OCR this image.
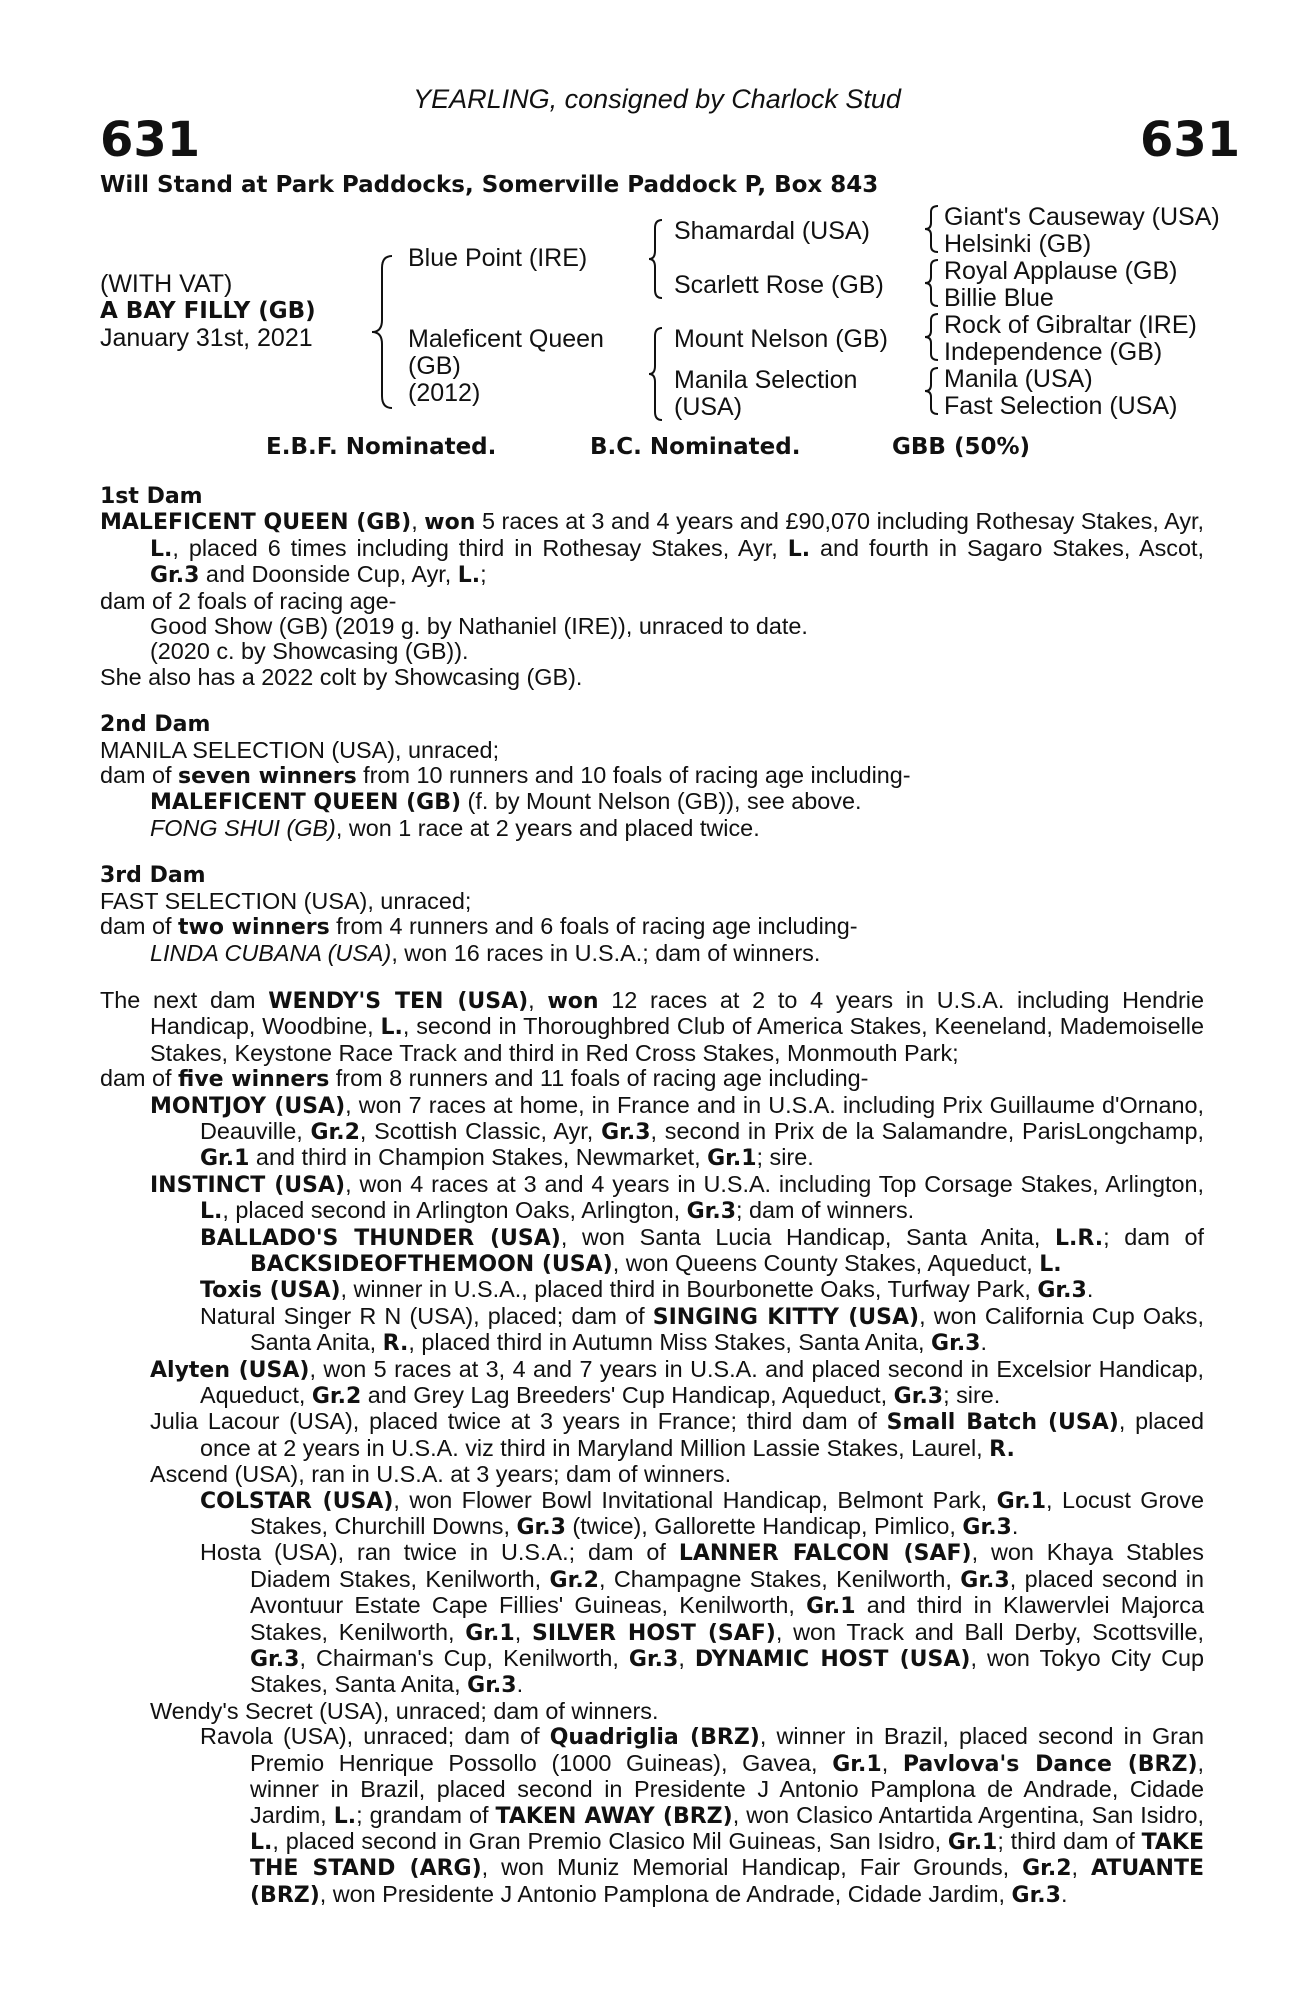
YEARLING, consigned by Charlock Stud
631	631
Will Stand at Park Paddocks, Somerville Paddock P, Box 843
(WITH VAT)
A BAY FILLY (GB)
January 31st, 2021
Blue Point (IRE)
Maleficent Queen
(GB)
(2012)
Shamardal (USA)
Scarlett Rose (GB)
Mount Nelson (GB)
Manila Selection
(USA)
Giant's Causeway (USA)
Helsinki (GB)
Royal Applause (GB)
Billie Blue
Rock of Gibraltar (IRE)
Independence (GB)
Manila (USA)
Fast Selection (USA)
E.B.F. Nominated.	B.C. Nominated.	GBB (50%)

1st Dam

MALEFICENT QUEEN (GB), won 5 races at 3 and 4 years and £90,070 including Rothesay Stakes, Ayr, L., placed 6 times including third in Rothesay Stakes, Ayr, L. and fourth in Sagaro Stakes, Ascot, Gr.3 and Doonside Cup, Ayr, L.;

dam of 2 foals of racing age-

Good Show (GB) (2019 g. by Nathaniel (IRE)), unraced to date.

(2020 c. by Showcasing (GB)).

She also has a 2022 colt by Showcasing (GB).

2nd Dam

MANILA SELECTION (USA), unraced;

dam of seven winners from 10 runners and 10 foals of racing age including-

MALEFICENT QUEEN (GB) (f. by Mount Nelson (GB)), see above.

FONG SHUI (GB), won 1 race at 2 years and placed twice.

3rd Dam

FAST SELECTION (USA), unraced;

dam of two winners from 4 runners and 6 foals of racing age including-

LINDA CUBANA (USA), won 16 races in U.S.A.; dam of winners.

The next dam WENDY'S TEN (USA), won 12 races at 2 to 4 years in U.S.A. including Hendrie Handicap, Woodbine, L., second in Thoroughbred Club of America Stakes, Keeneland, Mademoiselle Stakes, Keystone Race Track and third in Red Cross Stakes, Monmouth Park;

dam of five winners from 8 runners and 11 foals of racing age including-

MONTJOY (USA), won 7 races at home, in France and in U.S.A. including Prix Guillaume d'Ornano, Deauville, Gr.2, Scottish Classic, Ayr, Gr.3, second in Prix de la Salamandre, ParisLongchamp, Gr.1 and third in Champion Stakes, Newmarket, Gr.1; sire.

INSTINCT (USA), won 4 races at 3 and 4 years in U.S.A. including Top Corsage Stakes, Arlington, L., placed second in Arlington Oaks, Arlington, Gr.3; dam of winners.

BALLADO'S THUNDER (USA), won Santa Lucia Handicap, Santa Anita, L.R.; dam of BACKSIDEOFTHEMOON (USA), won Queens County Stakes, Aqueduct, L.

Toxis (USA), winner in U.S.A., placed third in Bourbonette Oaks, Turfway Park, Gr.3.

Natural Singer R N (USA), placed; dam of SINGING KITTY (USA), won California Cup Oaks, Santa Anita, R., placed third in Autumn Miss Stakes, Santa Anita, Gr.3.

Alyten (USA), won 5 races at 3, 4 and 7 years in U.S.A. and placed second in Excelsior Handicap, Aqueduct, Gr.2 and Grey Lag Breeders' Cup Handicap, Aqueduct, Gr.3; sire.

Julia Lacour (USA), placed twice at 3 years in France; third dam of Small Batch (USA), placed once at 2 years in U.S.A. viz third in Maryland Million Lassie Stakes, Laurel, R.

Ascend (USA), ran in U.S.A. at 3 years; dam of winners.

COLSTAR (USA), won Flower Bowl Invitational Handicap, Belmont Park, Gr.1, Locust Grove Stakes, Churchill Downs, Gr.3 (twice), Gallorette Handicap, Pimlico, Gr.3.

Hosta (USA), ran twice in U.S.A.; dam of LANNER FALCON (SAF), won Khaya Stables Diadem Stakes, Kenilworth, Gr.2, Champagne Stakes, Kenilworth, Gr.3, placed second in Avontuur Estate Cape Fillies' Guineas, Kenilworth, Gr.1 and third in Klawervlei Majorca Stakes, Kenilworth, Gr.1, SILVER HOST (SAF), won Track and Ball Derby, Scottsville, Gr.3, Chairman's Cup, Kenilworth, Gr.3, DYNAMIC HOST (USA), won Tokyo City Cup Stakes, Santa Anita, Gr.3.

Wendy's Secret (USA), unraced; dam of winners.

Ravola (USA), unraced; dam of Quadriglia (BRZ), winner in Brazil, placed second in Gran Premio Henrique Possollo (1000 Guineas), Gavea, Gr.1, Pavlova's Dance (BRZ), winner in Brazil, placed second in Presidente J Antonio Pamplona de Andrade, Cidade Jardim, L.; grandam of TAKEN AWAY (BRZ), won Clasico Antartida Argentina, San Isidro, L., placed second in Gran Premio Clasico Mil Guineas, San Isidro, Gr.1; third dam of TAKE THE STAND (ARG), won Muniz Memorial Handicap, Fair Grounds, Gr.2, ATUANTE (BRZ), won Presidente J Antonio Pamplona de Andrade, Cidade Jardim, Gr.3.
